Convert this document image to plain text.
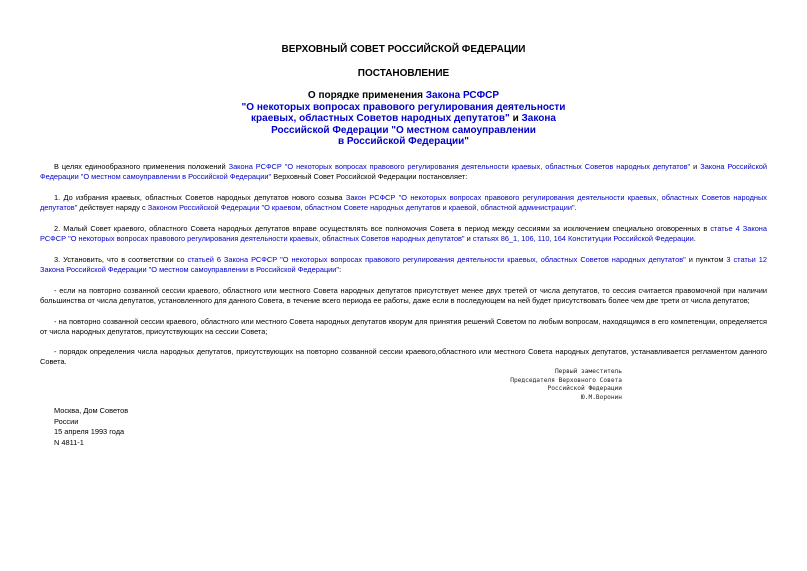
ВЕРХОВНЫЙ СОВЕТ РОССИЙСКОЙ ФЕДЕРАЦИИ
ПОСТАНОВЛЕНИЕ
О порядке применения Закона РСФСР
"О некоторых вопросах правового регулирования деятельности
краевых, областных Советов народных депутатов" и Закона
Российской Федерации "О местном самоуправлении
в Российской Федерации"

В целях единообразного применения положений Закона РСФСР "О некоторых вопросах правового регулирования деятельности краевых, областных Советов народных депутатов" и Закона Российской Федерации "О местном самоуправлении в Российской Федерации" Верховный Совет Российской Федерации постановляет:

1. До избрания краевых, областных Советов народных депутатов нового созыва Закон РСФСР "О некоторых вопросах правового регулирования деятельности краевых, областных Советов народных депутатов" действует наряду с Законом Российской Федерации "О краевом, областном Совете народных депутатов и краевой, областной администрации".

2. Малый Совет краевого, областного Совета народных депутатов вправе осуществлять все полномочия Совета в период между сессиями за исключением специально оговоренных в статье 4 Закона РСФСР "О некоторых вопросах правового регулирования деятельности краевых, областных Советов народных депутатов" и статьях 86_1, 106, 110, 164 Конституции Российской Федерации.

3. Установить, что в соответствии со статьей 6 Закона РСФСР "О некоторых вопросах правового регулирования деятельности краевых, областных Советов народных депутатов" и пунктом 3 статьи 12 Закона Российской Федерации "О местном самоуправлении в Российской Федерации":

- если на повторно созванной сессии краевого, областного или местного Совета народных депутатов присутствует менее двух третей от числа депутатов, то сессия считается правомочной при наличии большинства от числа депутатов, установленного для данного Совета, в течение всего периода ее работы, даже если в последующем на ней будет присутствовать более чем две трети от числа депутатов;

- на повторно созванной сессии краевого, областного или местного Совета народных депутатов кворум для принятия решений Советом по любым вопросам, находящимся в его компетенции, определяется от числа народных депутатов, присутствующих на сессии Совета;

- порядок определения числа народных депутатов, присутствующих на повторно созванной сессии краевого,областного или местного Совета народных депутатов, устанавливается регламентом данного Совета.

Первый заместитель
Председателя Верховного Совета
Российской Федерации
Ю.М.Воронин
Москва, Дом Советов
России
15 апреля 1993 года
N 4811-1
